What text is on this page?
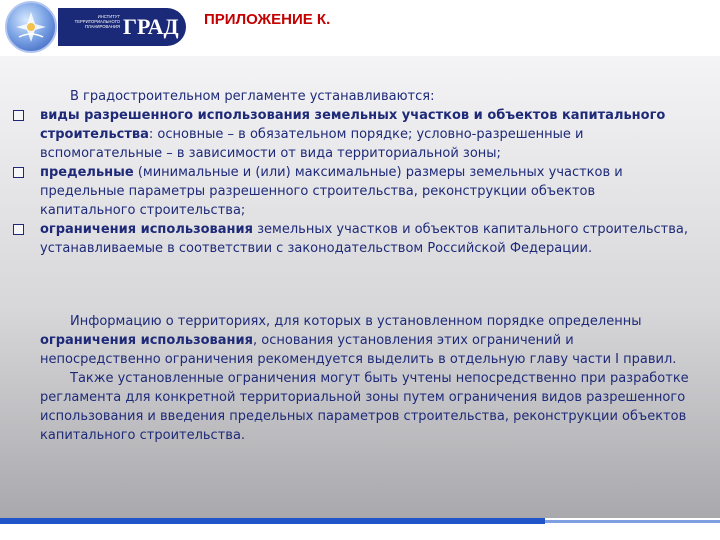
ИНСТИТУТ ТЕРРИТОРИАЛЬНОГО ПЛАНИРОВАНИЯ ГРАД ПРИЛОЖЕНИЕ К.

В градостроительном регламенте устанавливаются:

виды разрешенного использования земельных участков и объектов капитального строительства: основные – в обязательном порядке; условно-разрешенные и вспомогательные – в зависимости от вида территориальной зоны;
предельные (минимальные и (или) максимальные) размеры земельных участков и предельные параметры разрешенного строительства, реконструкции объектов капитального строительства;
ограничения использования земельных участков и объектов капитального строительства, устанавливаемые в соответствии с законодательством Российской Федерации.

Информацию о территориях, для которых в установленном порядке определенны ограничения использования, основания установления этих ограничений и непосредственно ограничения рекомендуется выделить в отдельную главу части I правил.

Также установленные ограничения могут быть учтены непосредственно при разработке регламента для конкретной территориальной зоны путем ограничения видов разрешенного использования и введения предельных параметров строительства, реконструкции объектов капитального строительства.
